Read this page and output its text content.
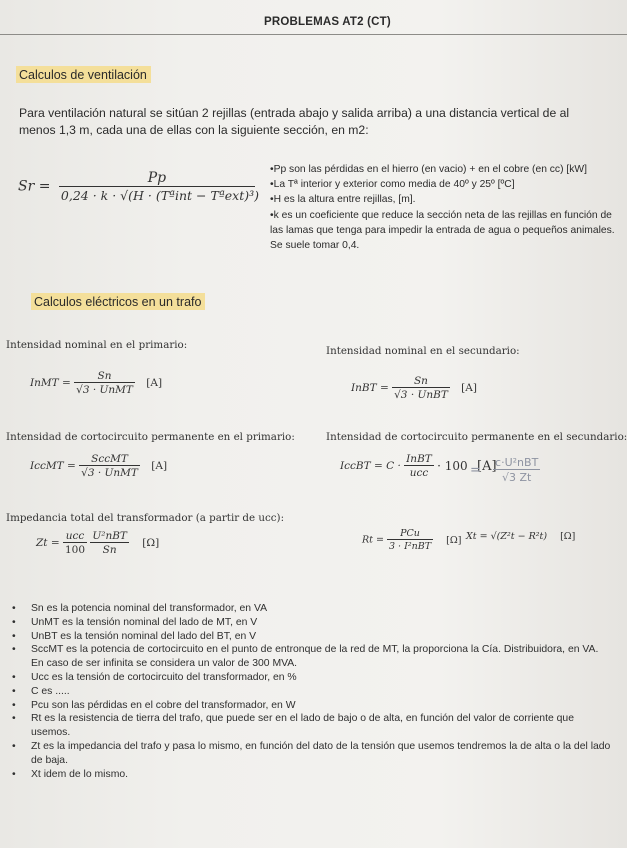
PROBLEMAS AT2 (CT)
Calculos de ventilación
Para ventilación natural se sitúan 2 rejillas (entrada abajo y salida arriba) a una distancia vertical de al menos 1,3 m, cada una de ellas con la siguiente sección, en m2:
$Sr = \frac{Pp}{\text{0,24 · k · √(H · (Tªint − Tªext)³)}}$
•Pp son las pérdidas en el hierro (en vacio) + en el cobre (en cc) [kW]
•La Tª interior y exterior como media de 40º y 25º [ºC]
•H es la altura entre rejillas, [m].
•k es un coeficiente que reduce la sección neta de las rejillas en función de las lamas que tenga para impedir la entrada de agua o pequeños animales. Se suele tomar 0,4.
Calculos eléctricos en un trafo
Intensidad nominal en el primario:	Intensidad nominal en el secundario:
InMT = $\frac{Sn}{\text{√3 · UnMT}} [A]$	InBT = $\frac{Sn}{\text{√3 · UnBT}} [A]$
Intensidad de cortocircuito permanente en el primario:	Intensidad de cortocircuito permanente en el secundario:
IccMT = $\frac{\text{SccMT}}{\text{√3 · UnMT}} [A]$	IccBT = $C \cdot \frac{\text{InBT}}{\text{ucc}} \cdot 100$ [A]
= $\frac{\text{c·U²nBT}}{√3 Zt}$
Impedancia total del transformador (a partir de ucc):
$Zt = \frac{\text{ucc}}{100}$
$\frac{\text{U²nBT}}{Sn} [\Omega]$	$Rt = \frac{\text{PCu}}{\text{3 · I²nBT}} [\Omega] Xt = √(Z^2t - R^2t)$ [Ω]
• Sn es la potencia nominal del transformador, en VA
• UnMT es la tensión nominal del lado de MT, en V
• UnBT es la tensión nominal del lado del BT, en V
• SccMT es la potencia de cortocircuito en el punto de entronque de la red de MT, la proporciona la Cía. Distribuidora, en VA. En caso de ser infinita se considera un valor de 300 MVA.
• Ucc es la tensión de cortocircuito del transformador, en %
• C es .....
• Pcu son las pérdidas en el cobre del transformador, en W
• Rt es la resistencia de tierra del trafo, que puede ser en el lado de bajo o de alta, en función del valor de corriente que usemos.
• Zt es la impedancia del trafo y pasa lo mismo, en función del dato de la tensión que usemos tendremos la de alta o la del lado de baja.
• Xt idem de lo mismo.
